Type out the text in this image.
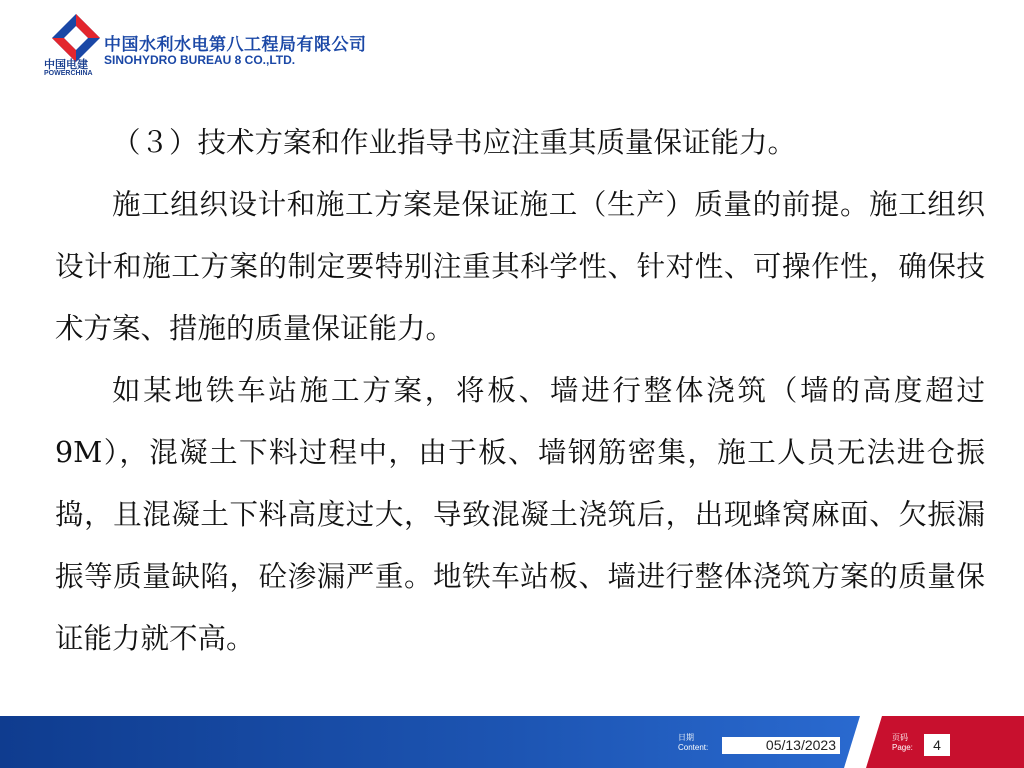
中国电建
POWERCHINA
中国水利水电第八工程局有限公司
SINOHYDRO BUREAU 8 CO.,LTD.

（３）技术方案和作业指导书应注重其质量保证能力。

施工组织设计和施工方案是保证施工（生产）质量的前提。施工组织设计和施工方案的制定要特别注重其科学性、针对性、可操作性，确保技术方案、措施的质量保证能力。

如某地铁车站施工方案，将板、墙进行整体浇筑（墙的高度超过 9M），混凝土下料过程中，由于板、墙钢筋密集，施工人员无法进仓振捣，且混凝土下料高度过大，导致混凝土浇筑后，出现蜂窝麻面、欠振漏振等质量缺陷，砼渗漏严重。地铁车站板、墙进行整体浇筑方案的质量保证能力就不高。

日期
Content:
页码
Page:
05/13/2023	4
